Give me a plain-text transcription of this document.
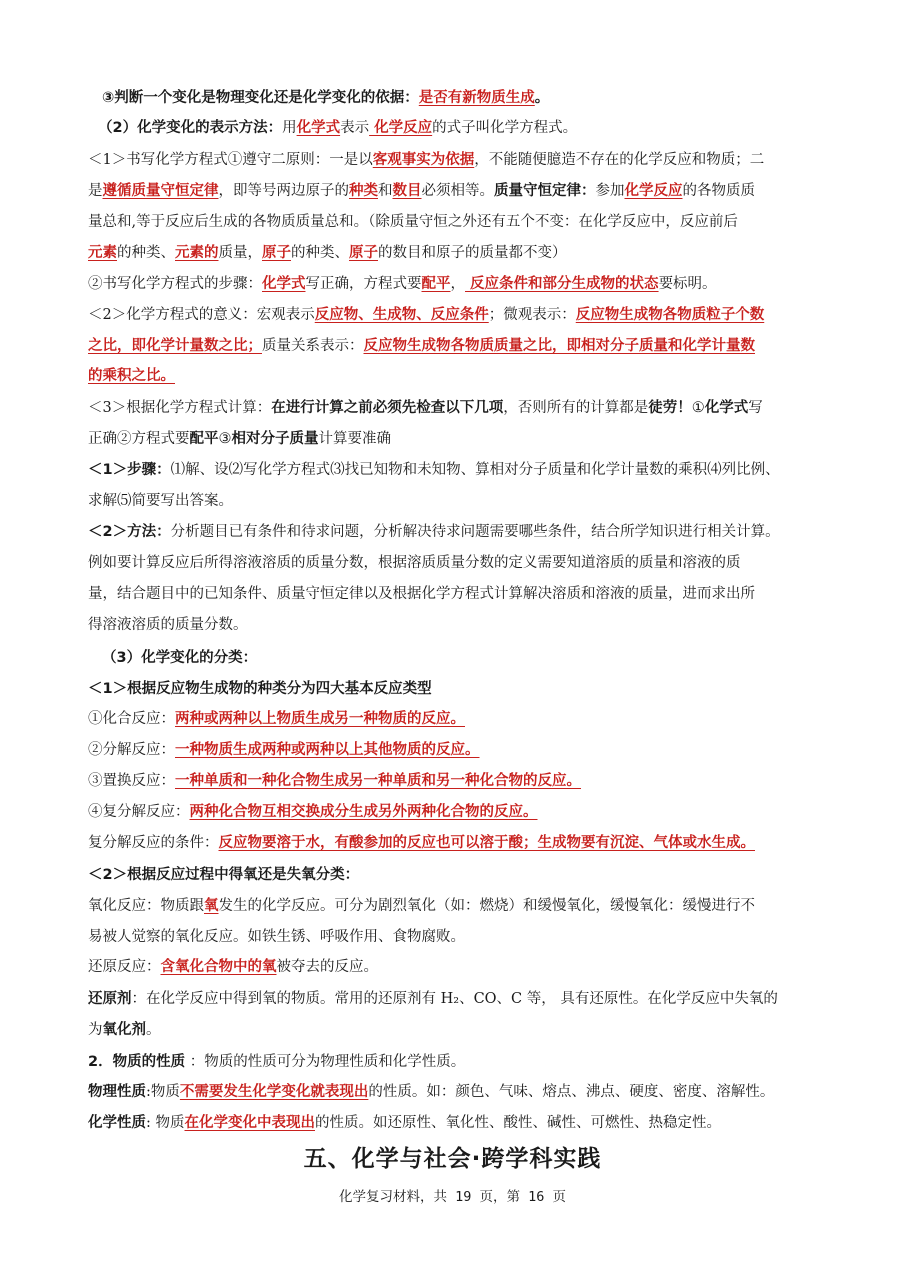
③判断一个变化是物理变化还是化学变化的依据：是否有新物质生成。
（2）化学变化的表示方法：用化学式表示 化学反应的式子叫化学方程式。
＜1＞书写化学方程式①遵守二原则：一是以客观事实为依据，不能随便臆造不存在的化学反应和物质；二
是遵循质量守恒定律，即等号两边原子的种类和数目必须相等。质量守恒定律：参加化学反应的各物质质
量总和,等于反应后生成的各物质质量总和。（除质量守恒之外还有五个不变：在化学反应中，反应前后
元素的种类、元素的质量，原子的种类、原子的数目和原子的质量都不变）
②书写化学方程式的步骤：化学式写正确，方程式要配平， 反应条件和部分生成物的状态要标明。
＜2＞化学方程式的意义：宏观表示反应物、生成物、反应条件；微观表示：反应物生成物各物质粒子个数
之比，即化学计量数之比；质量关系表示：反应物生成物各物质质量之比，即相对分子质量和化学计量数
的乘积之比。
＜3＞根据化学方程式计算：在进行计算之前必须先检查以下几项，否则所有的计算都是徒劳！①化学式写
正确②方程式要配平③相对分子质量计算要准确
＜1＞步骤：⑴解、设⑵写化学方程式⑶找已知物和未知物、算相对分子质量和化学计量数的乘积⑷列比例、
求解⑸简要写出答案。
＜2＞方法：分析题目已有条件和待求问题，分析解决待求问题需要哪些条件，结合所学知识进行相关计算。
例如要计算反应后所得溶液溶质的质量分数，根据溶质质量分数的定义需要知道溶质的质量和溶液的质
量，结合题目中的已知条件、质量守恒定律以及根据化学方程式计算解决溶质和溶液的质量，进而求出所
得溶液溶质的质量分数。
（3）化学变化的分类：
＜1＞根据反应物生成物的种类分为四大基本反应类型
①化合反应：两种或两种以上物质生成另一种物质的反应。
②分解反应：一种物质生成两种或两种以上其他物质的反应。
③置换反应：一种单质和一种化合物生成另一种单质和另一种化合物的反应。
④复分解反应：两种化合物互相交换成分生成另外两种化合物的反应。
复分解反应的条件：反应物要溶于水，有酸参加的反应也可以溶于酸；生成物要有沉淀、气体或水生成。
＜2＞根据反应过程中得氧还是失氧分类：
氧化反应：物质跟氧发生的化学反应。可分为剧烈氧化（如：燃烧）和缓慢氧化，缓慢氧化：缓慢进行不
易被人觉察的氧化反应。如铁生锈、呼吸作用、食物腐败。
还原反应：含氧化合物中的氧被夺去的反应。
还原剂：在化学反应中得到氧的物质。常用的还原剂有 H₂、CO、C 等， 具有还原性。在化学反应中失氧的
为氧化剂。
2．物质的性质 ：物质的性质可分为物理性质和化学性质。
物理性质:物质不需要发生化学变化就表现出的性质。如：颜色、气味、熔点、沸点、硬度、密度、溶解性。
化学性质: 物质在化学变化中表现出的性质。如还原性、氧化性、酸性、碱性、可燃性、热稳定性。
五、化学与社会·跨学科实践
化学复习材料，共 19 页，第 16 页
